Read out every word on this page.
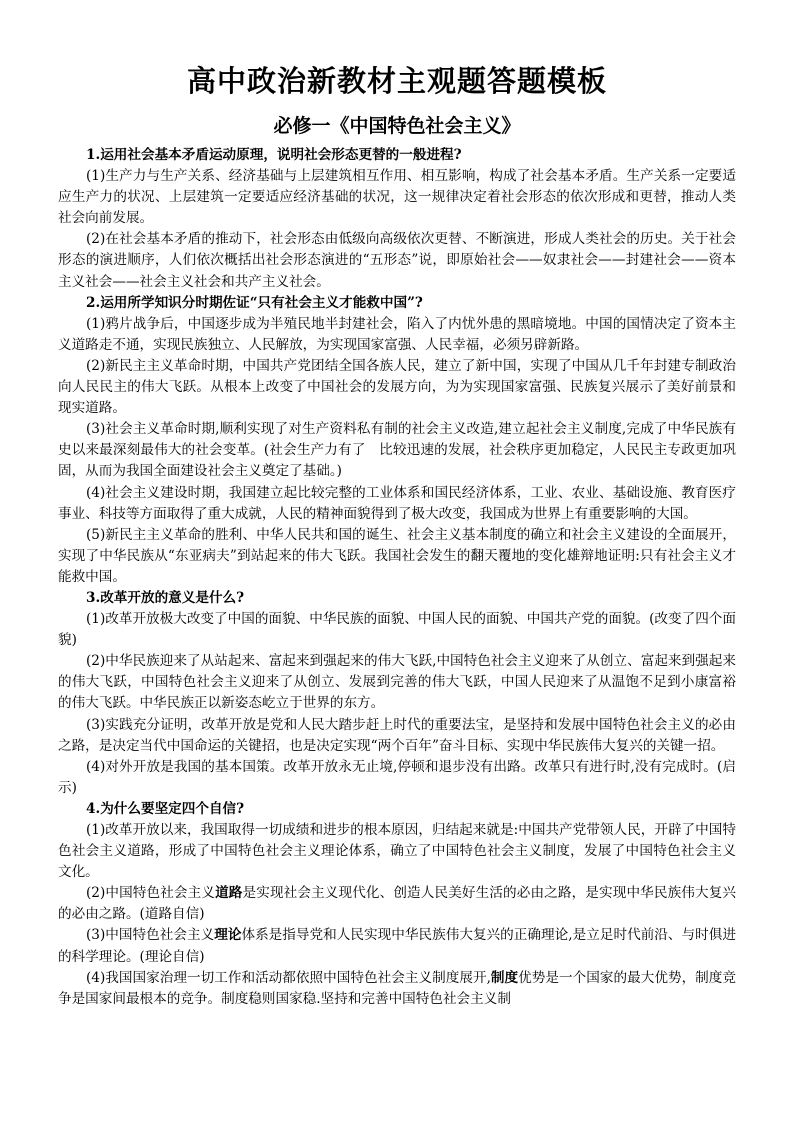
高中政治新教材主观题答题模板
必修一《中国特色社会主义》

1.运用社会基本矛盾运动原理，说明社会形态更替的一般进程?

(1)生产力与生产关系、经济基础与上层建筑相互作用、相互影响，构成了社会基本矛盾。生产关系一定要适应生产力的状况、上层建筑一定要适应经济基础的状况，这一规律决定着社会形态的依次形成和更替，推动人类社会向前发展。

(2)在社会基本矛盾的推动下，社会形态由低级向高级依次更替、不断演进，形成人类社会的历史。关于社会形态的演进顺序，人们依次概括出社会形态演进的“五形态”说，即原始社会——奴隶社会——封建社会——资本主义社会——社会主义社会和共产主义社会。

2.运用所学知识分时期佐证“只有社会主义才能救中国”?

(1)鸦片战争后，中国逐步成为半殖民地半封建社会，陷入了内忧外患的黑暗境地。中国的国情决定了资本主义道路走不通，实现民族独立、人民解放，为实现国家富强、人民幸福，必须另辟新路。

(2)新民主主义革命时期，中国共产党团结全国各族人民，建立了新中国，实现了中国从几千年封建专制政治向人民民主的伟大飞跃。从根本上改变了中国社会的发展方向，为为实现国家富强、民族复兴展示了美好前景和现实道路。

(3)社会主义革命时期,顺利实现了对生产资料私有制的社会主义改造,建立起社会主义制度,完成了中华民族有史以来最深刻最伟大的社会变革。(社会生产力有了　比较迅速的发展，社会秩序更加稳定，人民民主专政更加巩固，从而为我国全面建设社会主义奠定了基础。)

(4)社会主义建设时期，我国建立起比较完整的工业体系和国民经济体系，工业、农业、基础设施、教育医疗事业、科技等方面取得了重大成就，人民的精神面貌得到了极大改变，我国成为世界上有重要影响的大国。

(5)新民主主义革命的胜利、中华人民共和国的诞生、社会主义基本制度的确立和社会主义建设的全面展开，实现了中华民族从“东亚病夫”到站起来的伟大飞跃。我国社会发生的翻天覆地的变化雄辩地证明:只有社会主义才能救中国。

3.改革开放的意义是什么?

(1)改革开放极大改变了中国的面貌、中华民族的面貌、中国人民的面貌、中国共产党的面貌。(改变了四个面貌)

(2)中华民族迎来了从站起来、富起来到强起来的伟大飞跃,中国特色社会主义迎来了从创立、富起来到强起来的伟大飞跃，中国特色社会主义迎来了从创立、发展到完善的伟大飞跃，中国人民迎来了从温饱不足到小康富裕的伟大飞跃。中华民族正以新姿态屹立于世界的东方。

(3)实践充分证明，改革开放是党和人民大踏步赶上时代的重要法宝，是坚持和发展中国特色社会主义的必由之路，是决定当代中国命运的关键招，也是决定实现“两个百年”奋斗目标、实现中华民族伟大复兴的关键一招。

(4)对外开放是我国的基本国策。改革开放永无止境,停顿和退步没有出路。改革只有进行时,没有完成时。(启示)

4.为什么要坚定四个自信?

(1)改革开放以来，我国取得一切成绩和进步的根本原因，归结起来就是:中国共产党带领人民，开辟了中国特色社会主义道路，形成了中国特色社会主义理论体系，确立了中国特色社会主义制度，发展了中国特色社会主义文化。

(2)中国特色社会主义道路是实现社会主义现代化、创造人民美好生活的必由之路，是实现中华民族伟大复兴的必由之路。(道路自信)

(3)中国特色社会主义理论体系是指导党和人民实现中华民族伟大复兴的正确理论,是立足时代前沿、与时俱进的科学理论。(理论自信)

(4)我国国家治理一切工作和活动都依照中国特色社会主义制度展开,制度优势是一个国家的最大优势，制度竞争是国家间最根本的竞争。制度稳则国家稳.坚持和完善中国特色社会主义制
